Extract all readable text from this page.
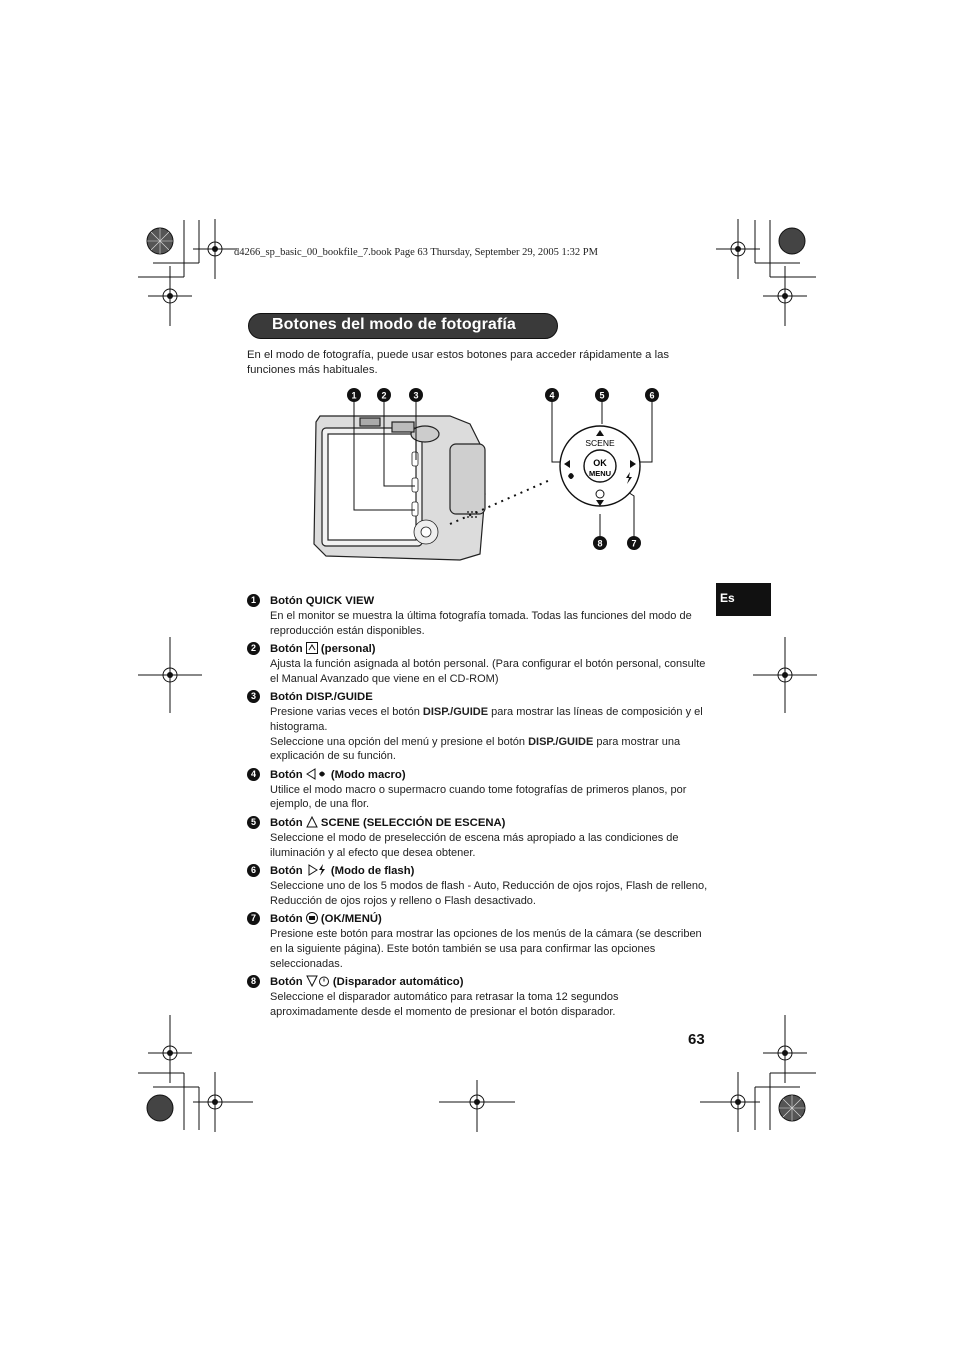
d4266_sp_basic_00_bookfile_7.book Page 63 Thursday, September 29, 2005 1:32 PM
Botones del modo de fotografía
En el modo de fotografía, puede usar estos botones para acceder rápidamente a las funciones más habituales.
1	2	3	4	5	6
8	7
OK
MENU
SCENE
Es
1	Botón QUICK VIEW
En el monitor se muestra la última fotografía tomada. Todas las funciones del modo de reproducción están disponibles.
2	Botón  (personal)
Ajusta la función asignada al botón personal. (Para configurar el botón personal, consulte el Manual Avanzado que viene en el CD-ROM)
3	Botón DISP./GUIDE
Presione varias veces el botón DISP./GUIDE para mostrar las líneas de composición y el histograma.
Seleccione una opción del menú y presione el botón DISP./GUIDE para mostrar una explicación de su función.
4	Botón  (Modo macro)
Utilice el modo macro o supermacro cuando tome fotografías de primeros planos, por ejemplo, de una flor.
5	Botón  SCENE (SELECCIÓN DE ESCENA)
Seleccione el modo de preselección de escena más apropiado a las condiciones de iluminación y al efecto que desea obtener.
6	Botón  (Modo de flash)
Seleccione uno de los 5 modos de flash - Auto, Reducción de ojos rojos, Flash de relleno, Reducción de ojos rojos y relleno o Flash desactivado.
7	Botón  (OK/MENÚ)
Presione este botón para mostrar las opciones de los menús de la cámara (se describen en la siguiente página). Este botón también se usa para confirmar las opciones seleccionadas.
8	Botón  (Disparador automático)
Seleccione el disparador automático para retrasar la toma 12 segundos aproximadamente desde el momento de presionar el botón disparador.
63
